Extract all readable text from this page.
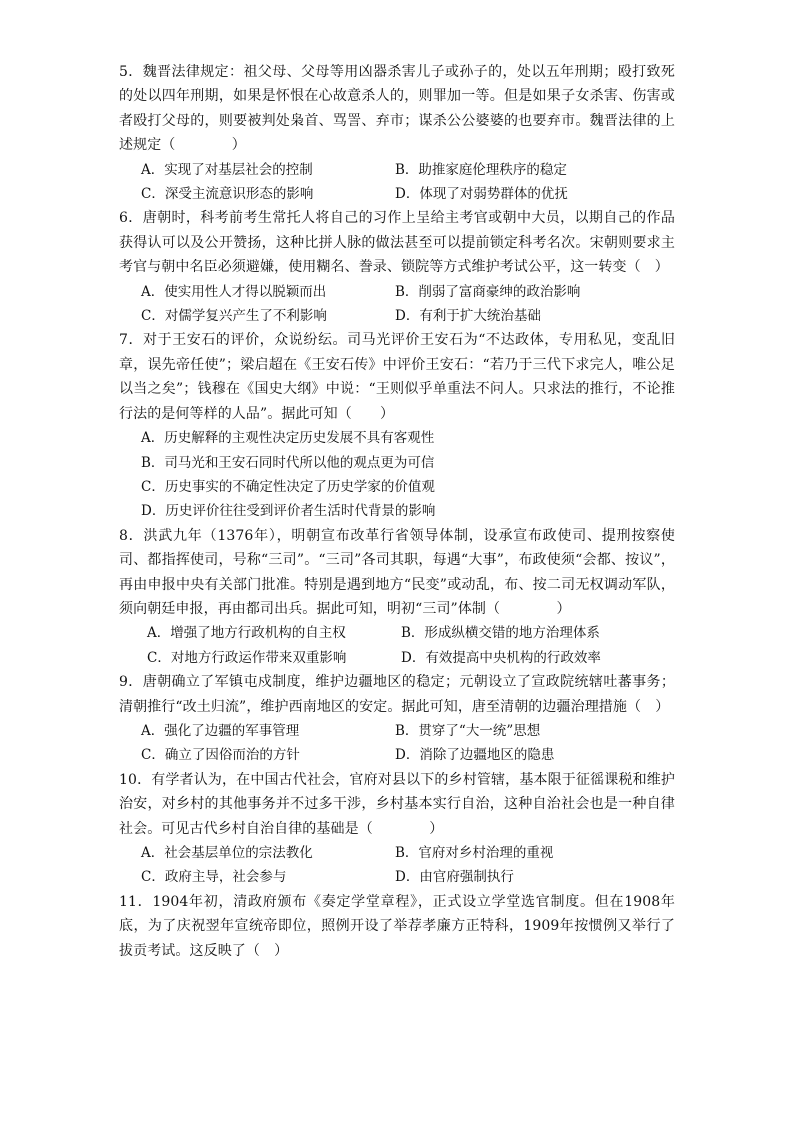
5．魏晋法律规定：祖父母、父母等用凶器杀害儿子或孙子的，处以五年刑期；殴打致死的处以四年刑期，如果是怀恨在心故意杀人的，则罪加一等。但是如果子女杀害、伤害或者殴打父母的，则要被判处枭首、骂詈、弃市；谋杀公公婆婆的也要弃市。魏晋法律的上述规定（　　　　）

A．实现了对基层社会的控制	B．助推家庭伦理秩序的稳定
C．深受主流意识形态的影响	D．体现了对弱势群体的优抚

6．唐朝时，科考前考生常托人将自己的习作上呈给主考官或朝中大员，以期自己的作品获得认可以及公开赞扬，这种比拼人脉的做法甚至可以提前锁定科考名次。宋朝则要求主考官与朝中名臣必须避嫌，使用糊名、誊录、锁院等方式维护考试公平，这一转变（　）

A．使实用性人才得以脱颖而出	B．削弱了富商豪绅的政治影响
C．对儒学复兴产生了不利影响	D．有利于扩大统治基础

7．对于王安石的评价，众说纷纭。司马光评价王安石为“不达政体，专用私见，变乱旧章，误先帝任使”；梁启超在《王安石传》中评价王安石：“若乃于三代下求完人，唯公足以当之矣”；钱穆在《国史大纲》中说：“王则似乎单重法不问人。只求法的推行，不论推行法的是何等样的人品”。据此可知（　　）

A．历史解释的主观性决定历史发展不具有客观性
B．司马光和王安石同时代所以他的观点更为可信
C．历史事实的不确定性决定了历史学家的价值观
D．历史评价往往受到评价者生活时代背景的影响

8．洪武九年（1376年），明朝宣布改革行省领导体制，设承宣布政使司、提刑按察使司、都指挥使司，号称“三司”。“三司”各司其职，每遇“大事”，布政使须“会都、按议”，再由申报中央有关部门批准。特别是遇到地方“民变”或动乱，布、按二司无权调动军队，须向朝廷申报，再由都司出兵。据此可知，明初“三司”体制（　　　　）

A．增强了地方行政机构的自主权	B．形成纵横交错的地方治理体系
C．对地方行政运作带来双重影响	D．有效提高中央机构的行政效率

9．唐朝确立了军镇屯戍制度，维护边疆地区的稳定；元朝设立了宣政院统辖吐蕃事务；清朝推行“改土归流”，维护西南地区的安定。据此可知，唐至清朝的边疆治理措施（　）

A．强化了边疆的军事管理	B．贯穿了“大一统”思想
C．确立了因俗而治的方针	D．消除了边疆地区的隐患

10．有学者认为，在中国古代社会，官府对县以下的乡村管辖，基本限于征徭课税和维护治安，对乡村的其他事务并不过多干涉，乡村基本实行自治，这种自治社会也是一种自律社会。可见古代乡村自治自律的基础是（　　　　）

A．社会基层单位的宗法教化	B．官府对乡村治理的重视
C．政府主导，社会参与	D．由官府强制执行

11．1904年初，清政府颁布《奏定学堂章程》，正式设立学堂选官制度。但在1908年底，为了庆祝翌年宣统帝即位，照例开设了举荐孝廉方正特科，1909年按惯例又举行了拔贡考试。这反映了（　）
